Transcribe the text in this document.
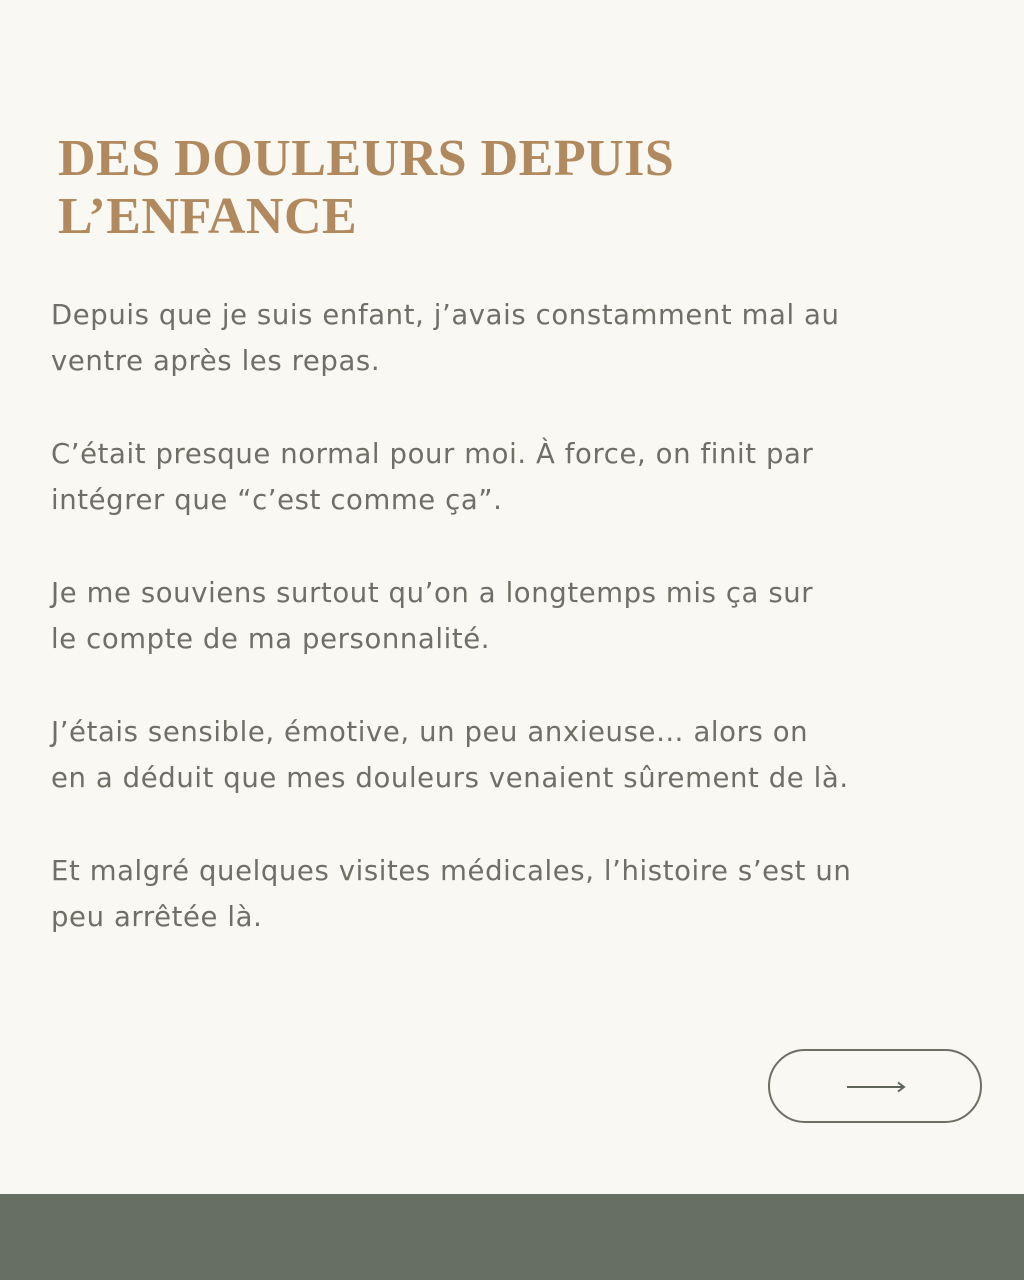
DES DOULEURS DEPUIS
L’ENFANCE

Depuis que je suis enfant, j’avais constamment mal au
ventre après les repas.

C’était presque normal pour moi. À force, on finit par
intégrer que “c’est comme ça”.

Je me souviens surtout qu’on a longtemps mis ça sur
le compte de ma personnalité.

J’étais sensible, émotive, un peu anxieuse… alors on
en a déduit que mes douleurs venaient sûrement de là.

Et malgré quelques visites médicales, l’histoire s’est un
peu arrêtée là.
